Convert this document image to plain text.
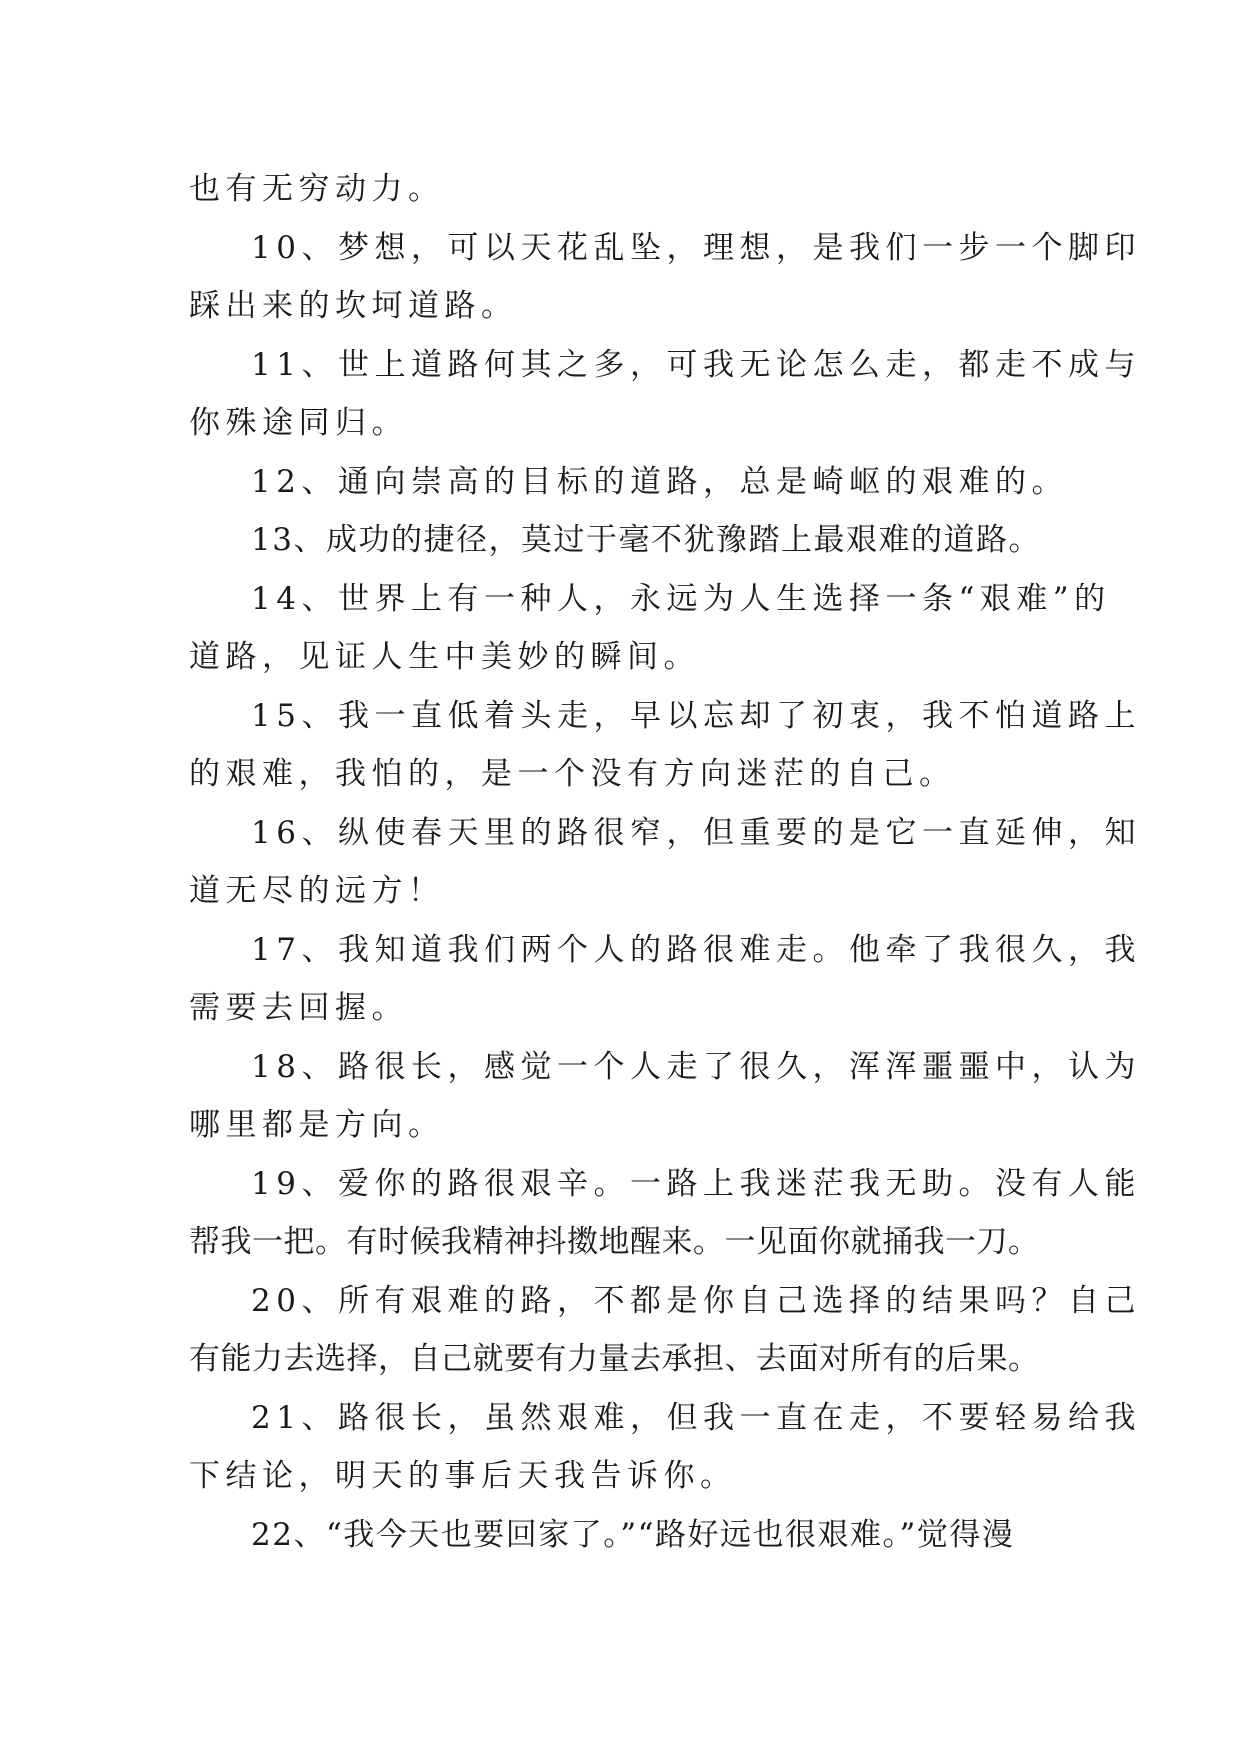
也有无穷动力。
10、梦想，可以天花乱坠，理想，是我们一步一个脚印
踩出来的坎坷道路。
11、世上道路何其之多，可我无论怎么走，都走不成与
你殊途同归。
12、通向崇高的目标的道路，总是崎岖的艰难的。
13、成功的捷径，莫过于毫不犹豫踏上最艰难的道路。
14、世界上有一种人，永远为人生选择一条“艰难”的
道路，见证人生中美妙的瞬间。
15、我一直低着头走，早以忘却了初衷，我不怕道路上
的艰难，我怕的，是一个没有方向迷茫的自己。
16、纵使春天里的路很窄，但重要的是它一直延伸，知
道无尽的远方！
17、我知道我们两个人的路很难走。他牵了我很久，我
需要去回握。
18、路很长，感觉一个人走了很久，浑浑噩噩中，认为
哪里都是方向。
19、爱你的路很艰辛。一路上我迷茫我无助。没有人能
帮我一把。有时候我精神抖擞地醒来。一见面你就捅我一刀。
20、所有艰难的路，不都是你自己选择的结果吗？自己
有能力去选择，自己就要有力量去承担、去面对所有的后果。
21、路很长，虽然艰难，但我一直在走，不要轻易给我
下结论，明天的事后天我告诉你。
22、“我今天也要回家了。”“路好远也很艰难。”觉得漫
